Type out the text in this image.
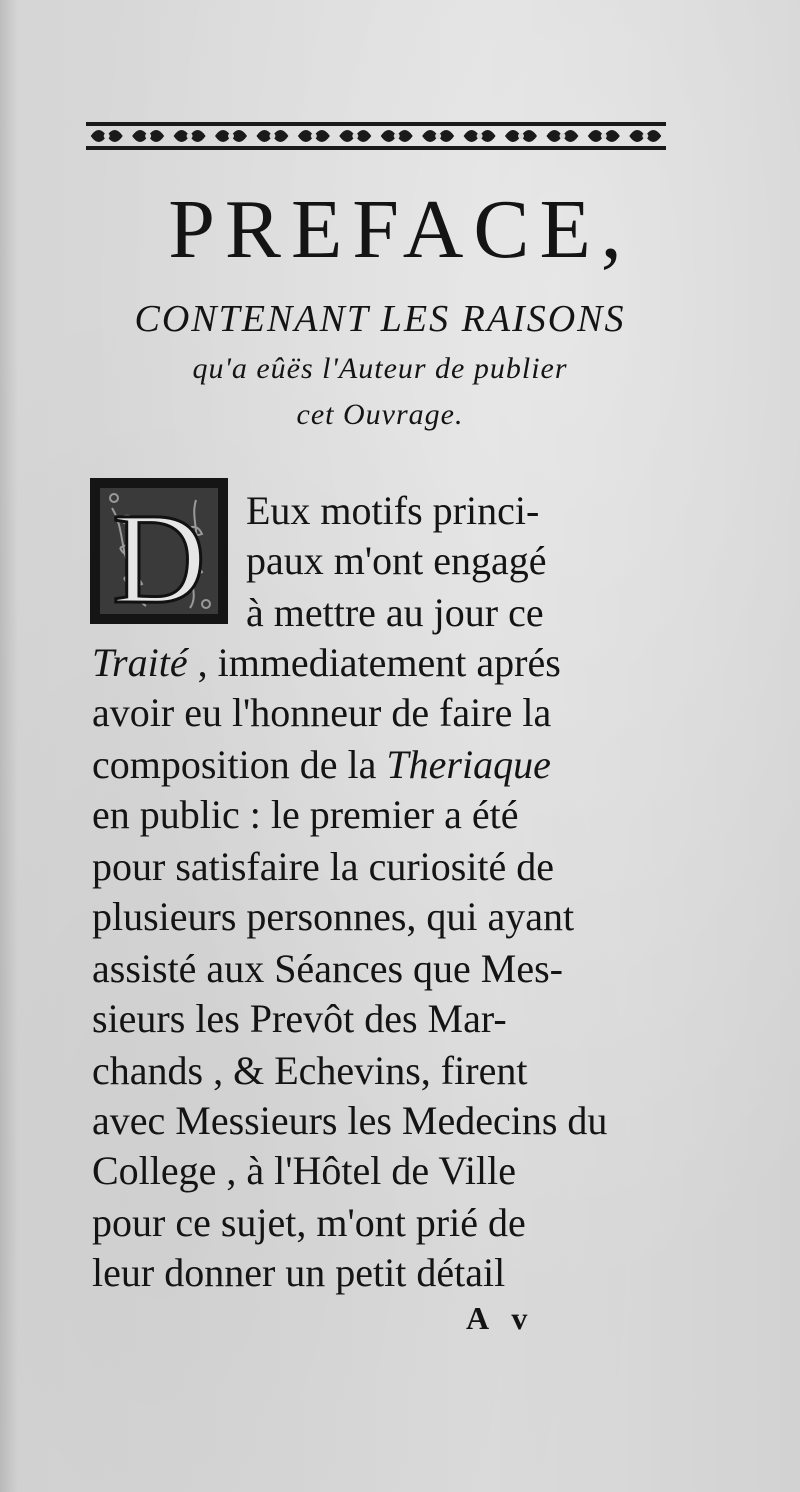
PREFACE,
CONTENANT LES RAISONS
qu'a eûës l'Auteur de publier
cet Ouvrage.
D Eux motifs princi-

paux m'ont engagé

à mettre au jour ce

Traité , immediatement aprés

avoir eu l'honneur de faire la

composition de la Theriaque

en public : le premier a été

pour satisfaire la curiosité de

plusieurs personnes, qui ayant

assisté aux Séances que Mes-

sieurs les Prevôt des Mar-

chands , & Echevins, firent

avec Messieurs les Medecins du

College , à l'Hôtel de Ville

pour ce sujet, m'ont prié de

leur donner un petit détail

A v
